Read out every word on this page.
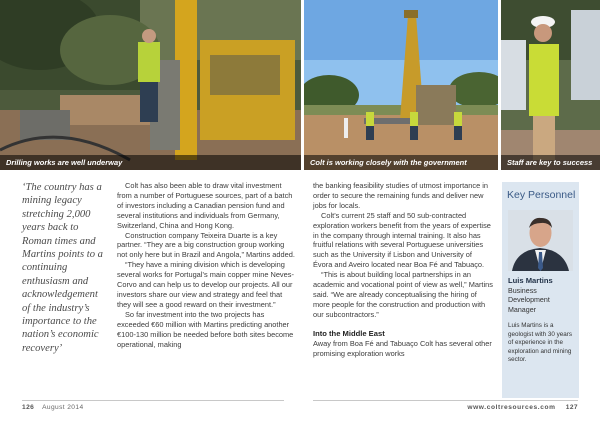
Drilling works are well underway	Colt is working closely with the government	Staff are key to success
‘The country has a mining legacy stretching 2,000 years back to Roman times and Martins points to a continuing enthusiasm and acknowledgement of the industry’s importance to the nation’s economic recovery’

Colt has also been able to draw vital investment from a number of Portuguese sources, part of a batch of investors including a Canadian pension fund and several institutions and individuals from Germany, Switzerland, China and Hong Kong.

Construction company Teixeira Duarte is a key partner. “They are a big construction group working not only here but in Brazil and Angola,” Martins added.

“They have a mining division which is developing several works for Portugal’s main copper mine Neves-Corvo and can help us to develop our projects. All our investors share our view and strategy and feel that they will see a good reward on their investment.”

So far investment into the two projects has exceeded €60 million with Martins predicting another €100-130 million be needed before both sites become operational, making

the banking feasibility studies of utmost importance in order to secure the remaining funds and deliver new jobs for locals.

Colt’s current 25 staff and 50 sub-contracted exploration workers benefit from the years of expertise in the company through internal training. It also has fruitful relations with several Portuguese universities such as the University if Lisbon and University of Évora and Aveiro located near Boa Fé and Tabuaço.

“This is about building local partnerships in an academic and vocational point of view as well,” Martins said. “We are already conceptualising the hiring of more people for the construction and production with our subcontractors.”

Into the Middle East

Away from Boa Fé and Tabuaço Colt has several other promising exploration works

Key Personnel
Luis Martins
Business Development Manager
Luis Martins is a geologist with 30 years of experience in the exploration and mining sector.
126 August 2014	www.coltresources.com 127
